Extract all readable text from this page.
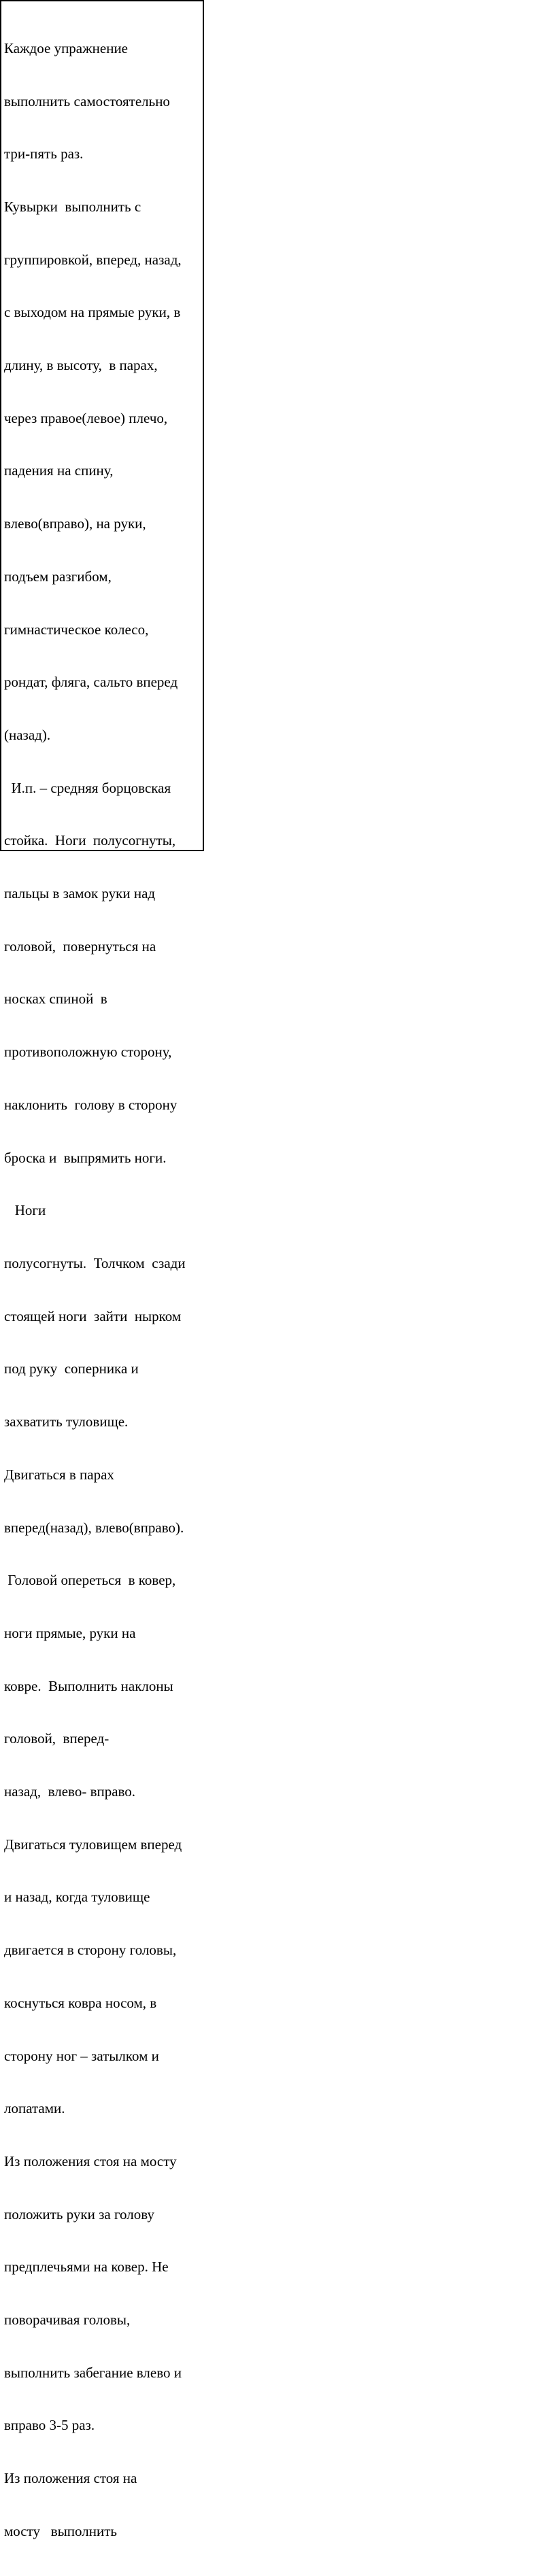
Каждое упражнение

выполнить самостоятельно

три-пять раз.

Кувырки  выполнить с

группировкой, вперед, назад,

с выходом на прямые руки, в

длину, в высоту,  в парах,

через правое(левое) плечо,

падения на спину,

влево(вправо), на руки,

подъем разгибом,

гимнастическое колесо,

рондат, фляга, сальто вперед

(назад).

И.п. – средняя борцовская

стойка.  Ноги  полусогнуты,

пальцы в замок руки над

головой,  повернуться на

носках спиной  в

противоположную сторону,

наклонить  голову в сторону

броска и  выпрямить ноги.

Ноги

полусогнуты.  Толчком  сзади

стоящей ноги  зайти  нырком

под руку  соперника и

захватить туловище.

Двигаться в парах

вперед(назад), влево(вправо).

Головой опереться  в ковер,

ноги прямые, руки на

ковре.  Выполнить наклоны

головой,  вперед-

назад,  влево- вправо.

Двигаться туловищем вперед

и назад, когда туловище

двигается в сторону головы,

коснуться ковра носом, в

сторону ног – затылком и

лопатами.

Из положения стоя на мосту

положить руки за голову

предплечьями на ковер. Не

поворачивая головы,

выполнить забегание влево и

вправо 3-5 раз.

Из положения стоя на

мосту   выполнить
